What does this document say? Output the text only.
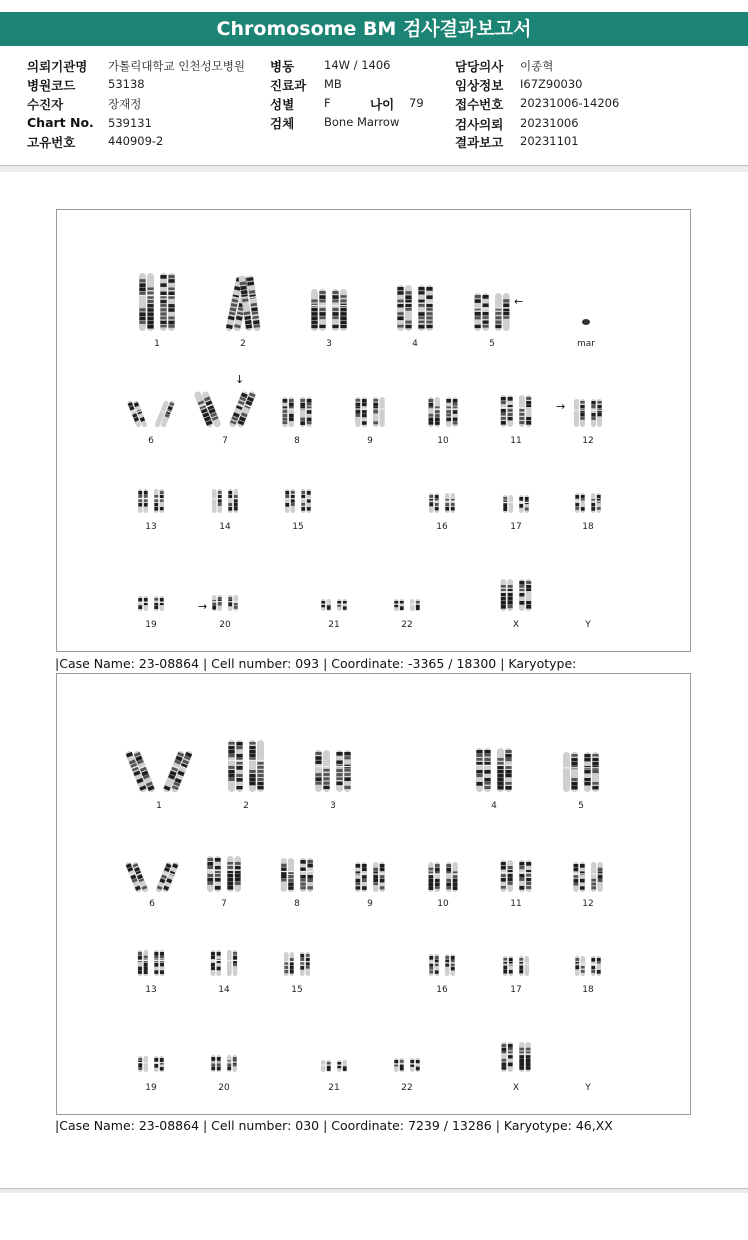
Chromosome BM 검사결과보고서
의뢰기관명 가톨릭대학교 인천성모병원
병원코드	53138
수진자	장재정
Chart No. 539131
고유번호	440909-2
병동	14W / 1406
진료과 MB
성별	F	나이 79
검체	Bone Marrow
담당의사 이종혁
임상정보 I67Z90030
접수번호 20231006-14206
검사의뢰 20231006
결과보고 20231101
1	2	3	4	5	mar
←
6	7	8	9	10	11	12
↓
→
13	14	15	16	17	18
19	20	21	22	X	Y
→
|Case Name: 23-08864 | Cell number: 093 | Coordinate: -3365 / 18300 | Karyotype:
1	2	3	4	5
6	7	8	9	10	11	12
13	14	15	16	17	18
19	20	21	22	X	Y
|Case Name: 23-08864 | Cell number: 030 | Coordinate: 7239 / 13286 | Karyotype: 46,XX
